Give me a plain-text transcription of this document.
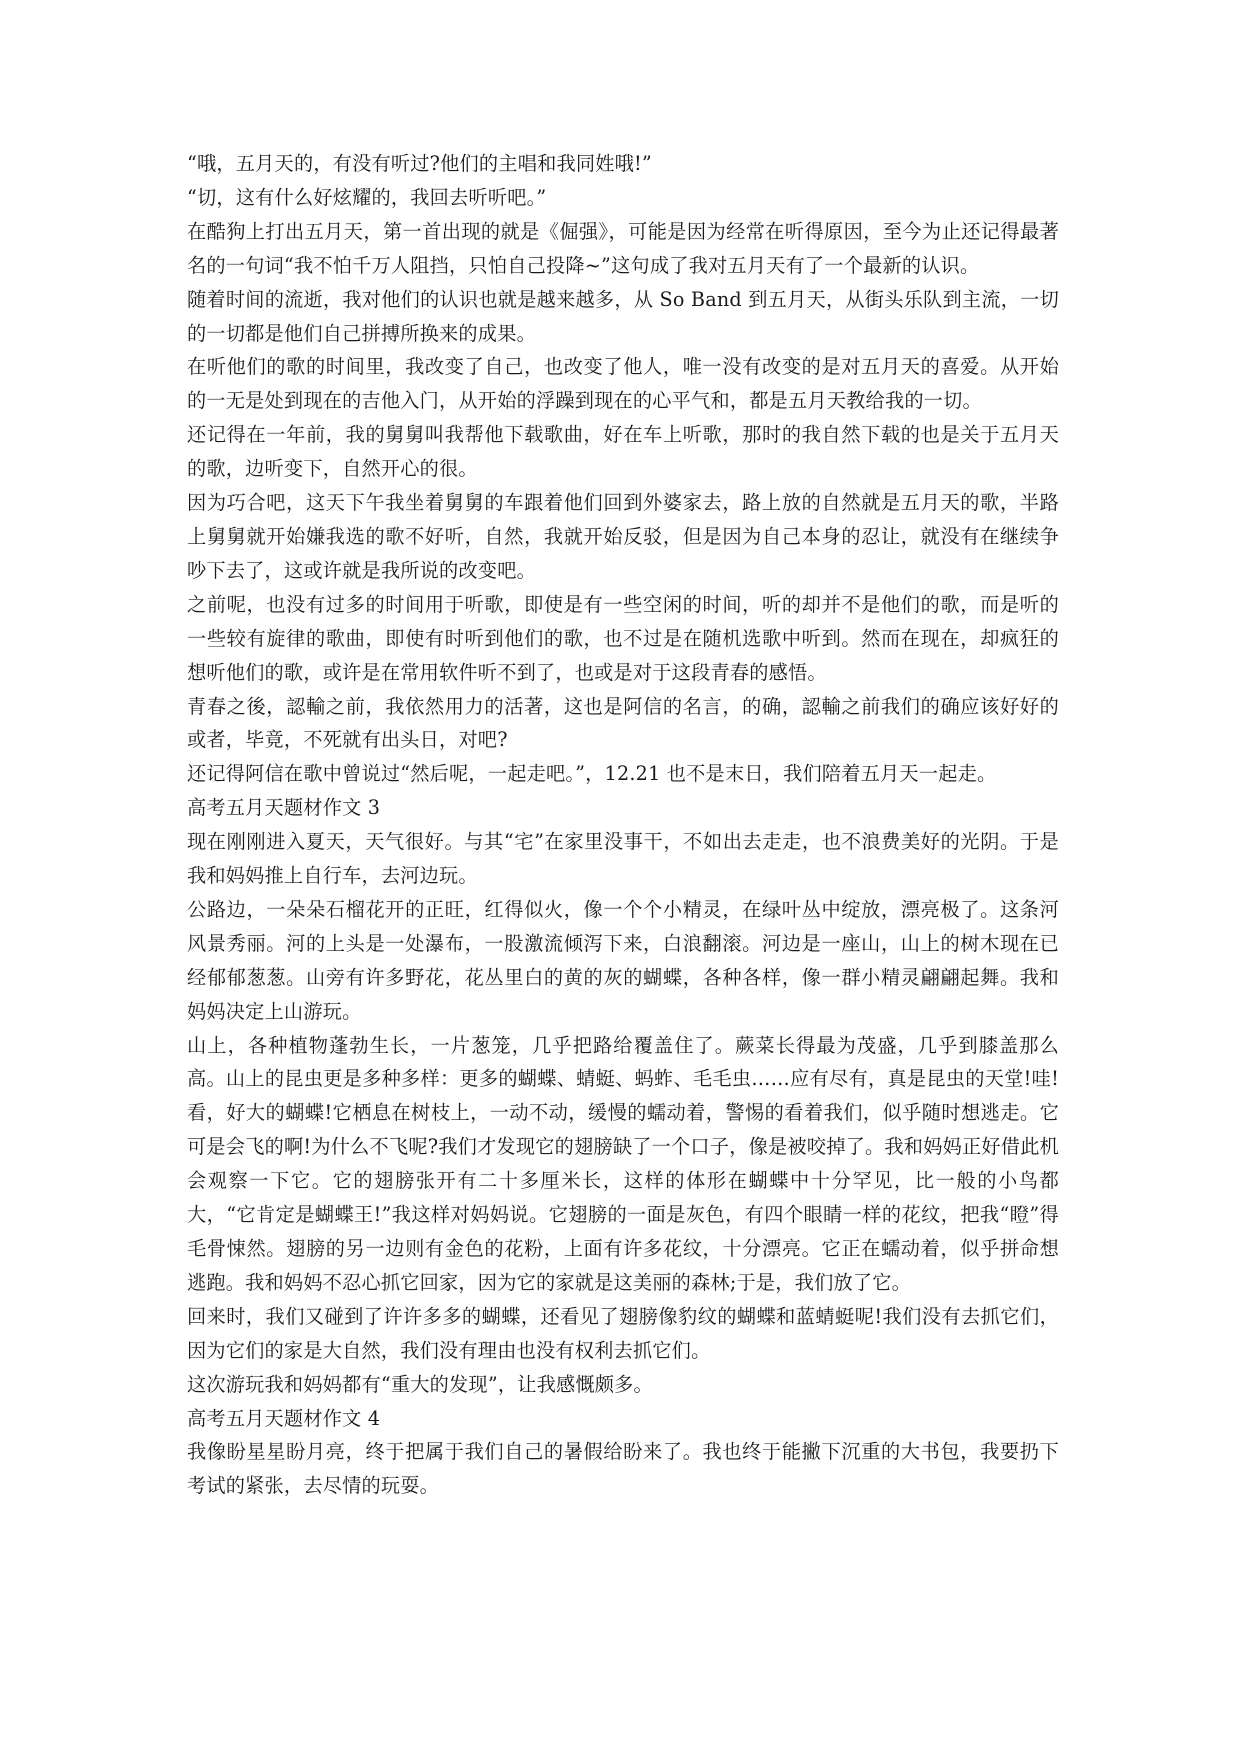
“哦，五月天的，有没有听过?他们的主唱和我同姓哦!”

“切，这有什么好炫耀的，我回去听听吧。”

在酷狗上打出五月天，第一首出现的就是《倔强》，可能是因为经常在听得原因，至今为止还记得最著名的一句词“我不怕千万人阻挡，只怕自己投降~”这句成了我对五月天有了一个最新的认识。

随着时间的流逝，我对他们的认识也就是越来越多，从 So Band 到五月天，从街头乐队到主流，一切的一切都是他们自己拼搏所换来的成果。

在听他们的歌的时间里，我改变了自己，也改变了他人，唯一没有改变的是对五月天的喜爱。从开始的一无是处到现在的吉他入门，从开始的浮躁到现在的心平气和，都是五月天教给我的一切。

还记得在一年前，我的舅舅叫我帮他下载歌曲，好在车上听歌，那时的我自然下载的也是关于五月天的歌，边听变下，自然开心的很。

因为巧合吧，这天下午我坐着舅舅的车跟着他们回到外婆家去，路上放的自然就是五月天的歌，半路上舅舅就开始嫌我选的歌不好听，自然，我就开始反驳，但是因为自己本身的忍让，就没有在继续争吵下去了，这或许就是我所说的改变吧。

之前呢，也没有过多的时间用于听歌，即使是有一些空闲的时间，听的却并不是他们的歌，而是听的一些较有旋律的歌曲，即使有时听到他们的歌，也不过是在随机选歌中听到。然而在现在，却疯狂的想听他们的歌，或许是在常用软件听不到了，也或是对于这段青春的感悟。

青春之後，認輸之前，我依然用力的活著，这也是阿信的名言，的确，認輸之前我们的确应该好好的或者，毕竟，不死就有出头日，对吧?

还记得阿信在歌中曾说过“然后呢，一起走吧。”，12.21 也不是末日，我们陪着五月天一起走。

高考五月天题材作文 3

现在刚刚进入夏天，天气很好。与其“宅”在家里没事干，不如出去走走，也不浪费美好的光阴。于是我和妈妈推上自行车，去河边玩。

公路边，一朵朵石榴花开的正旺，红得似火，像一个个小精灵，在绿叶丛中绽放，漂亮极了。这条河风景秀丽。河的上头是一处瀑布，一股激流倾泻下来，白浪翻滚。河边是一座山，山上的树木现在已经郁郁葱葱。山旁有许多野花，花丛里白的黄的灰的蝴蝶，各种各样，像一群小精灵翩翩起舞。我和妈妈决定上山游玩。

山上，各种植物蓬勃生长，一片葱笼，几乎把路给覆盖住了。蕨菜长得最为茂盛，几乎到膝盖那么高。山上的昆虫更是多种多样：更多的蝴蝶、蜻蜓、蚂蚱、毛毛虫……应有尽有，真是昆虫的天堂!哇!看，好大的蝴蝶!它栖息在树枝上，一动不动，缓慢的蠕动着，警惕的看着我们，似乎随时想逃走。它可是会飞的啊!为什么不飞呢?我们才发现它的翅膀缺了一个口子，像是被咬掉了。我和妈妈正好借此机会观察一下它。它的翅膀张开有二十多厘米长，这样的体形在蝴蝶中十分罕见，比一般的小鸟都大，“它肯定是蝴蝶王!”我这样对妈妈说。它翅膀的一面是灰色，有四个眼睛一样的花纹，把我“瞪”得毛骨悚然。翅膀的另一边则有金色的花粉，上面有许多花纹，十分漂亮。它正在蠕动着，似乎拼命想逃跑。我和妈妈不忍心抓它回家，因为它的家就是这美丽的森林;于是，我们放了它。

回来时，我们又碰到了许许多多的蝴蝶，还看见了翅膀像豹纹的蝴蝶和蓝蜻蜓呢!我们没有去抓它们，因为它们的家是大自然，我们没有理由也没有权利去抓它们。

这次游玩我和妈妈都有“重大的发现”，让我感慨颇多。

高考五月天题材作文 4

我像盼星星盼月亮，终于把属于我们自己的暑假给盼来了。我也终于能撇下沉重的大书包，我要扔下考试的紧张，去尽情的玩耍。
